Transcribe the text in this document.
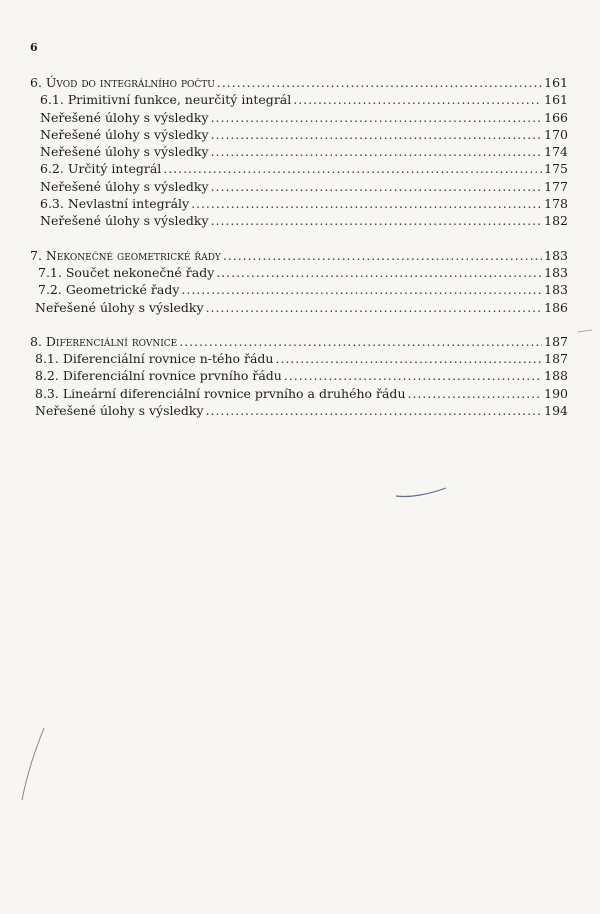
6
6. Úvod do integrálního počtu . . .	161
6.1. Primitivní funkce, neurčitý integrál . . .	161
Neřešené úlohy s výsledky . . .	166
Neřešené úlohy s výsledky . . .	170
Neřešené úlohy s výsledky . . .	174
6.2. Určitý integrál . . .	175
Neřešené úlohy s výsledky . . .	177
6.3. Nevlastní integrály . . .	178
Neřešené úlohy s výsledky . . .	182
7. Nekonečné geometrické řady . . .	183
7.1. Součet nekonečné řady . . .	183
7.2. Geometrické řady . . .	183
Neřešené úlohy s výsledky . . .	186
8. Diferenciální rovnice . . .	187
8.1. Diferenciální rovnice n-tého řádu . . .	187
8.2. Diferenciální rovnice prvního řádu . . .	188
8.3. Lineární diferenciální rovnice prvního a druhého řádu . . .	190
Neřešené úlohy s výsledky . . .	194
